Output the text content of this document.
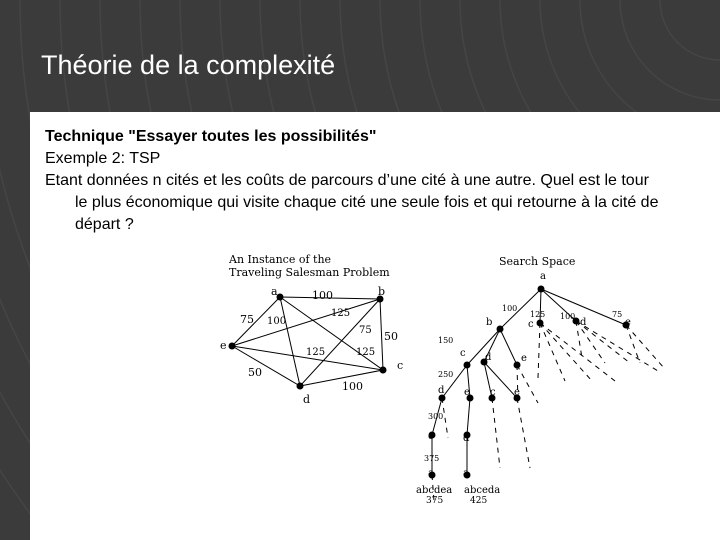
Théorie de la complexité
Technique "Essayer toutes les possibilités"
Exemple 2: TSP
Etant données n cités et les coûts de parcours d’une cité à une autre. Quel est le tour le plus économique qui visite chaque cité une seule fois et qui retourne à la cité de départ ?
An Instance of the
Traveling Salesman Problem
a	b
c
d
e
100
75 100
125
75 50
125	125
50
100
Search Space
a
100
b
125
c
100
d
75
e
150
c d	e
250
d e c e
300
e	d
375
a	a
abcdea abceda
375	425
